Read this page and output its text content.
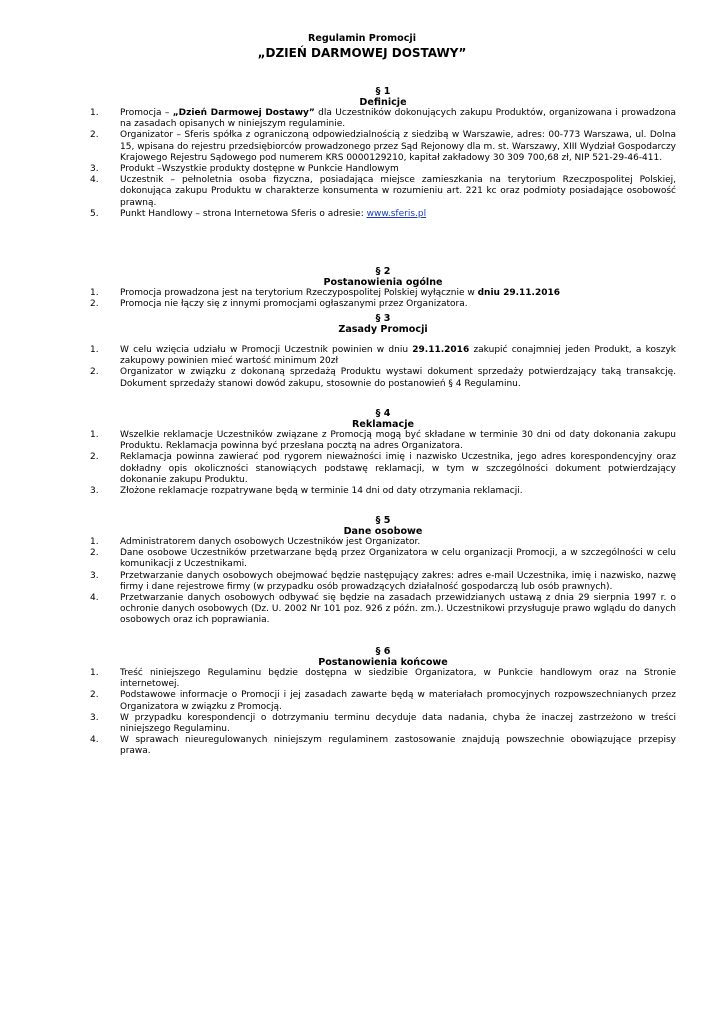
Regulamin Promocji
„DZIEŃ DARMOWEJ DOSTAWY”
§ 1
Definicje
1.	Promocja – „Dzień Darmowej Dostawy” dla Uczestników dokonujących zakupu Produktów, organizowana i prowadzona na zasadach opisanych w niniejszym regulaminie.
2.	Organizator – Sferis spółka z ograniczoną odpowiedzialnością z siedzibą w Warszawie, adres: 00-773 Warszawa, ul. Dolna 15, wpisana do rejestru przedsiębiorców prowadzonego przez Sąd Rejonowy dla m. st. Warszawy, XIII Wydział Gospodarczy Krajowego Rejestru Sądowego pod numerem KRS 0000129210, kapitał zakładowy 30 309 700,68 zł, NIP 521-29-46-411.
3.	Produkt –Wszystkie produkty dostępne w Punkcie Handlowym
4.	Uczestnik – pełnoletnia osoba fizyczna, posiadająca miejsce zamieszkania na terytorium Rzeczpospolitej Polskiej, dokonująca zakupu Produktu w charakterze konsumenta w rozumieniu art. 221 kc oraz podmioty posiadające osobowość prawną.
5.	Punkt Handlowy – strona Internetowa Sferis o adresie: www.sferis.pl
§ 2
Postanowienia ogólne
1.	Promocja prowadzona jest na terytorium Rzeczypospolitej Polskiej wyłącznie w dniu 29.11.2016
2.	Promocja nie łączy się z innymi promocjami ogłaszanymi przez Organizatora.
§ 3
Zasady Promocji
1.	W celu wzięcia udziału w Promocji Uczestnik powinien w dniu 29.11.2016 zakupić conajmniej jeden Produkt, a koszyk zakupowy powinien mieć wartość minimum 20zł
2.	Organizator w związku z dokonaną sprzedażą Produktu wystawi dokument sprzedaży potwierdzający taką transakcję. Dokument sprzedaży stanowi dowód zakupu, stosownie do postanowień § 4 Regulaminu.
§ 4
Reklamacje
1.	Wszelkie reklamacje Uczestników związane z Promocją mogą być składane w terminie 30 dni od daty dokonania zakupu Produktu. Reklamacja powinna być przesłana pocztą na adres Organizatora.
2.	Reklamacja powinna zawierać pod rygorem nieważności imię i nazwisko Uczestnika, jego adres korespondencyjny oraz dokładny opis okoliczności stanowiących podstawę reklamacji, w tym w szczególności dokument potwierdzający dokonanie zakupu Produktu.
3.	Złożone reklamacje rozpatrywane będą w terminie 14 dni od daty otrzymania reklamacji.
§ 5
Dane osobowe
1.	Administratorem danych osobowych Uczestników jest Organizator.
2.	Dane osobowe Uczestników przetwarzane będą przez Organizatora w celu organizacji Promocji, a w szczególności w celu komunikacji z Uczestnikami.
3.	Przetwarzanie danych osobowych obejmować będzie następujący zakres: adres e-mail Uczestnika, imię i nazwisko, nazwę firmy i dane rejestrowe firmy (w przypadku osób prowadzących działalność gospodarczą lub osób prawnych).
4.	Przetwarzanie danych osobowych odbywać się będzie na zasadach przewidzianych ustawą z dnia 29 sierpnia 1997 r. o ochronie danych osobowych (Dz. U. 2002 Nr 101 poz. 926 z późn. zm.). Uczestnikowi przysługuje prawo wglądu do danych osobowych oraz ich poprawiania.
§ 6
Postanowienia końcowe
1.	Treść niniejszego Regulaminu będzie dostępna w siedzibie Organizatora, w Punkcie handlowym oraz na Stronie internetowej.
2.	Podstawowe informacje o Promocji i jej zasadach zawarte będą w materiałach promocyjnych rozpowszechnianych przez Organizatora w związku z Promocją.
3.	W przypadku korespondencji o dotrzymaniu terminu decyduje data nadania, chyba że inaczej zastrzeżono w treści niniejszego Regulaminu.
4.	W sprawach nieuregulowanych niniejszym regulaminem zastosowanie znajdują powszechnie obowiązujące przepisy prawa.
